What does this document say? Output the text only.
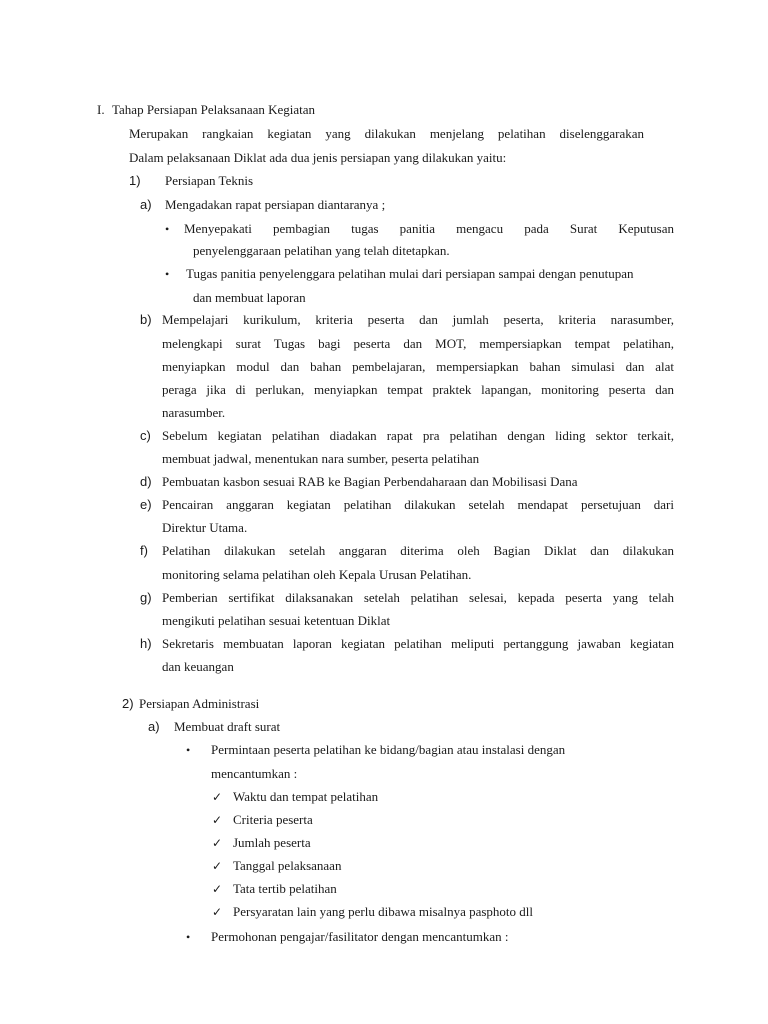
I. Tahap Persiapan Pelaksanaan Kegiatan
Merupakan rangkaian kegiatan yang dilakukan menjelang pelatihan diselenggarakan
Dalam pelaksanaan Diklat ada dua jenis persiapan yang dilakukan yaitu:
1) Persiapan Teknis
a) Mengadakan rapat persiapan diantaranya ;
• Menyepakati pembagian tugas panitia mengacu pada Surat Keputusan
penyelenggaraan pelatihan yang telah ditetapkan.
• Tugas panitia penyelenggara pelatihan mulai dari persiapan sampai dengan penutupan
dan membuat laporan
b) Mempelajari kurikulum, kriteria peserta dan jumlah peserta, kriteria narasumber,
melengkapi surat Tugas bagi peserta dan MOT, mempersiapkan tempat pelatihan,
menyiapkan modul dan bahan pembelajaran, mempersiapkan bahan simulasi dan alat
peraga jika di perlukan, menyiapkan tempat praktek lapangan, monitoring peserta dan
narasumber.
c) Sebelum kegiatan pelatihan diadakan rapat pra pelatihan dengan liding sektor terkait,
membuat jadwal, menentukan nara sumber, peserta pelatihan
d) Pembuatan kasbon sesuai RAB ke Bagian Perbendaharaan dan Mobilisasi Dana
e) Pencairan anggaran kegiatan pelatihan dilakukan setelah mendapat persetujuan dari
Direktur Utama.
f) Pelatihan dilakukan setelah anggaran diterima oleh Bagian Diklat dan dilakukan
monitoring selama pelatihan oleh Kepala Urusan Pelatihan.
g) Pemberian sertifikat dilaksanakan setelah pelatihan selesai, kepada peserta yang telah
mengikuti pelatihan sesuai ketentuan Diklat
h) Sekretaris membuatan laporan kegiatan pelatihan meliputi pertanggung jawaban kegiatan
dan keuangan
2) Persiapan Administrasi
a) Membuat draft surat
• Permintaan peserta pelatihan ke bidang/bagian atau instalasi dengan
mencantumkan :
✓ Waktu dan tempat pelatihan
✓ Criteria peserta
✓ Jumlah peserta
✓ Tanggal pelaksanaan
✓ Tata tertib pelatihan
✓ Persyaratan lain yang perlu dibawa misalnya pasphoto dll
• Permohonan pengajar/fasilitator dengan mencantumkan :
